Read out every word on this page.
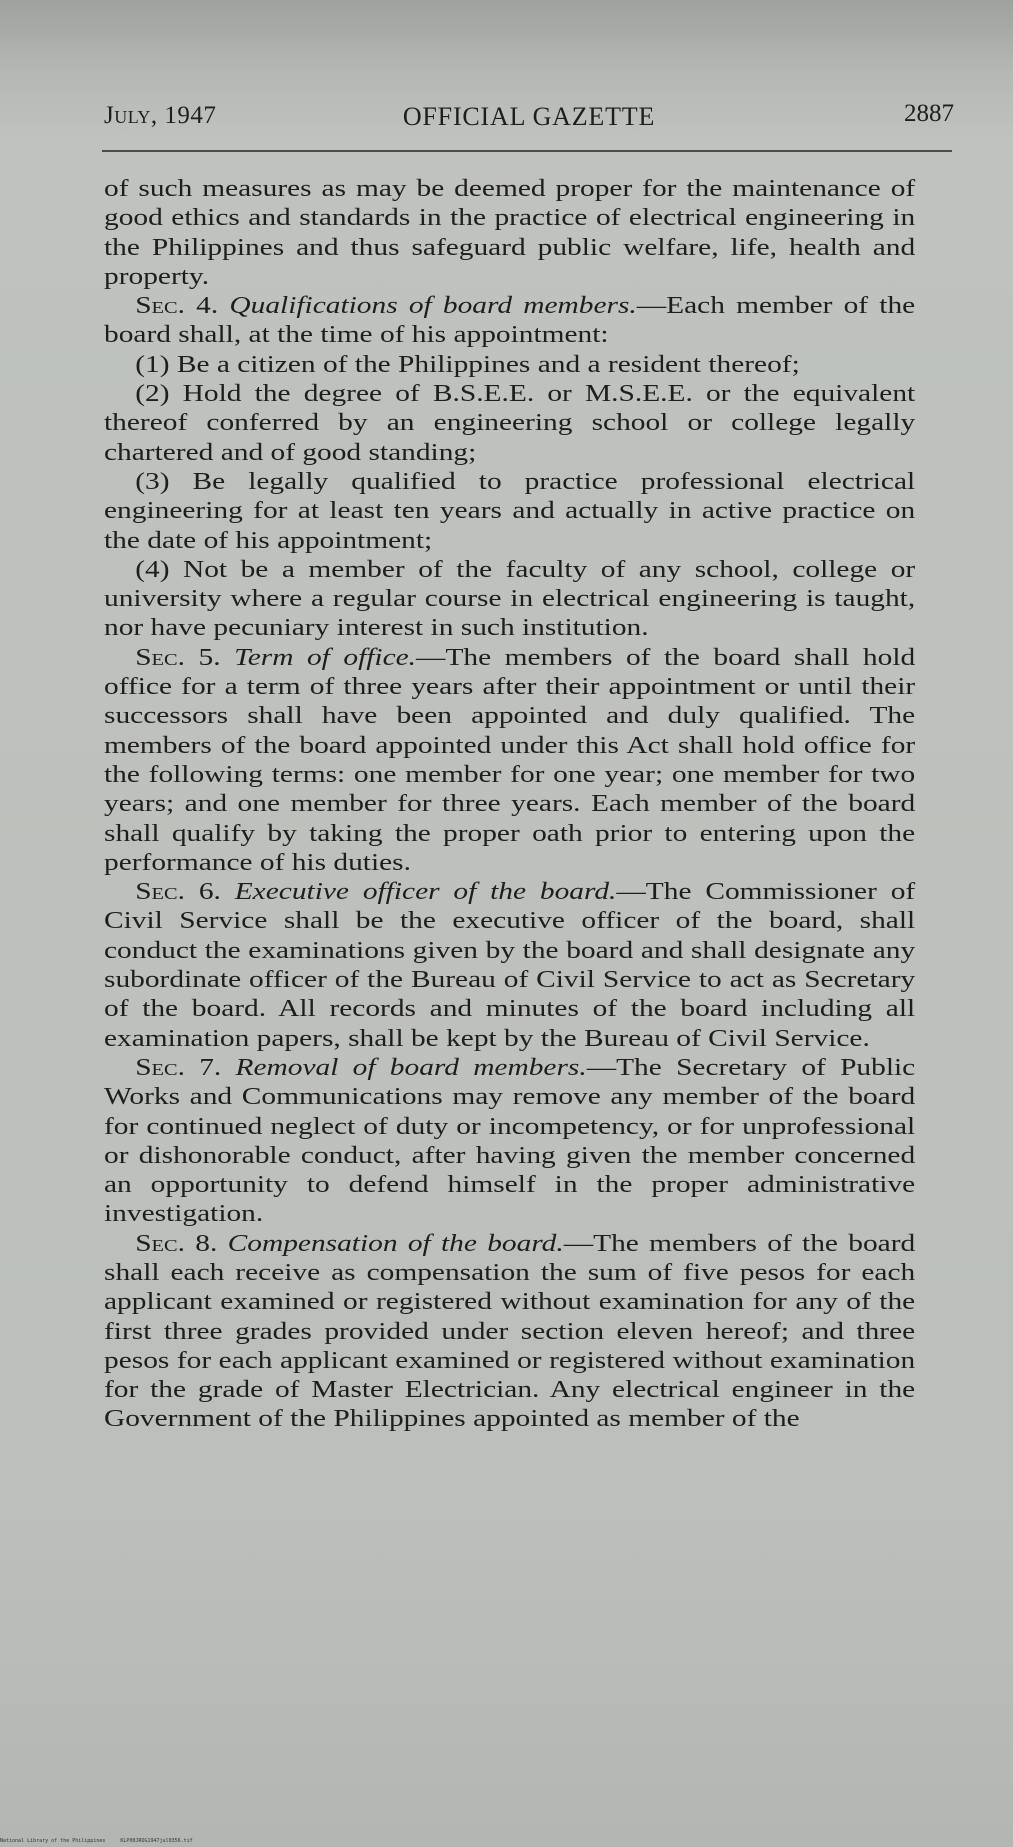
July, 1947	OFFICIAL GAZETTE	2887

of such measures as may be deemed proper for the maintenance of good ethics and standards in the practice of electrical engineering in the Philippines and thus safeguard public welfare, life, health and property.

Sec. 4. Qualifications of board members.—Each member of the board shall, at the time of his appointment:

(1) Be a citizen of the Philippines and a resident thereof;

(2) Hold the degree of B.S.E.E. or M.S.E.E. or the equivalent thereof conferred by an engineering school or college legally chartered and of good standing;

(3) Be legally qualified to practice professional electrical engineering for at least ten years and actually in active practice on the date of his appointment;

(4) Not be a member of the faculty of any school, college or university where a regular course in electrical engineering is taught, nor have pecuniary interest in such institution.

Sec. 5. Term of office.—The members of the board shall hold office for a term of three years after their appointment or until their successors shall have been appointed and duly qualified. The members of the board appointed under this Act shall hold office for the following terms: one member for one year; one member for two years; and one member for three years. Each member of the board shall qualify by taking the proper oath prior to entering upon the performance of his duties.

Sec. 6. Executive officer of the board.—The Commissioner of Civil Service shall be the executive officer of the board, shall conduct the examinations given by the board and shall designate any subordinate officer of the Bureau of Civil Service to act as Secretary of the board. All records and minutes of the board including all examination papers, shall be kept by the Bureau of Civil Service.

Sec. 7. Removal of board members.—The Secretary of Public Works and Communications may remove any member of the board for continued neglect of duty or incompetency, or for unprofessional or dishonorable conduct, after having given the member concerned an opportunity to defend himself in the proper administrative investigation.

Sec. 8. Compensation of the board.—The members of the board shall each receive as compensation the sum of five pesos for each applicant examined or registered without examination for any of the first three grades provided under section eleven hereof; and three pesos for each applicant examined or registered without examination for the grade of Master Electrician. Any electrical engineer in the Government of the Philippines appointed as member of the

National Library of the Philippines     KLP00JROG1947jul0356.tif
